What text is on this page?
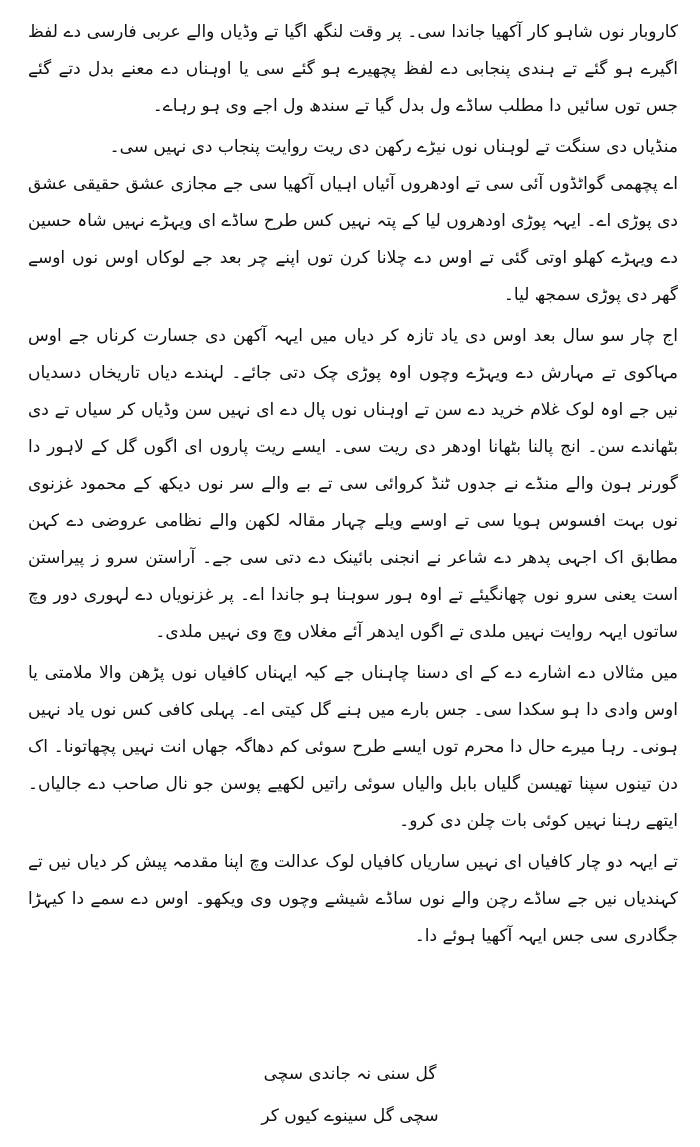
کاروبار نوں شاہو کار آکھیا جاندا سی۔ پر وقت لنگھ اگیا تے وڈیاں والے عربی فارسی دے لفظ اگیرے ہو گئے تے ہندی پنجابی دے لفظ پچھیرے ہو گئے سی یا اوہناں دے معنے بدل دتے گئے جس توں سائیں دا مطلب ساڈے ول بدل گیا تے سندھ ول اجے وی ہو رہاے۔

منڈیاں دی سنگت تے لوہناں نوں نیڑے رکھن دی ریت روایت پنجاب دی نہیں سی۔

اے پچھمی گواٹڈوں آئی سی تے اودھروں آئیاں اہیاں آکھیا سی جے مجازی عشق حقیقی عشق دی پوڑی اے۔ ایہہ پوڑی اودھروں لیا کے پتہ نہیں کس طرح ساڈے ای ویہڑے نہیں شاہ حسین دے ویہڑے کھلو اوتی گئی تے اوس دے چلانا کرن توں اپنے چر بعد جے لوکاں اوس نوں اوسے گھر دی پوڑی سمجھ لیا۔

اج چار سو سال بعد اوس دی یاد تازہ کر دیاں میں ایہہ آکھن دی جسارت کرناں جے اوس مہاکوی تے مہارش دے ویہڑے وچوں اوہ پوڑی چک دتی جائے۔ لہندے دیاں تاریخاں دسدیاں نیں جے اوہ لوک غلام خرید دے سن تے اوہناں نوں پال دے ای نہیں سن وڈیاں کر سیاں تے دی بٹھاندے سن۔ انج پالنا بٹھانا اودھر دی ریت سی۔ ایسے ریت پاروں ای اگوں گل کے لاہور دا گورنر ہون والے منڈے نے جدوں ٹنڈ کروائی سی تے بے والے سر نوں دیکھ کے محمود غزنوی نوں بہت افسوس ہویا سی تے اوسے ویلے چہار مقالہ لکھن والے نظامی عروضی دے کہن مطابق اک اجہی پدھر دے شاعر نے انجنی بائینک دے دتی سی جے۔ آراستن سرو ز پیراستن است یعنی سرو نوں چھانگیئے تے اوہ ہور سوہنا ہو جاندا اے۔ پر غزنویاں دے لہوری دور وچ ساتوں ایہہ روایت نہیں ملدی تے اگوں ایدھر آئے مغلاں وچ وی نہیں ملدی۔

میں مثالاں دے اشارے دے کے ای دسنا چاہناں جے کیہ ایہناں کافیاں نوں پڑھن والا ملامتی یا اوس وادی دا ہو سکدا سی۔ جس بارے میں ہنے گل کیتی اے۔ پہلی کافی کس نوں یاد نہیں ہونی۔ رہا میرے حال دا محرم توں ایسے طرح سوئی کم دھاگہ جھاں انت نہیں پچھاتونا۔ اک دن تینوں سپنا تھیسن گلیاں بابل والیاں سوئی راتیں لکھیے پوسن جو نال صاحب دے جالیاں۔ ایتھے رہنا نہیں کوئی بات چلن دی کرو۔

تے ایہہ دو چار کافیاں ای نہیں ساریاں کافیاں لوک عدالت وچ اپنا مقدمہ پیش کر دیاں نیں تے کہندیاں نیں جے ساڈے رچن والے نوں ساڈے شیشے وچوں وی ویکھو۔ اوس دے سمے دا کیہڑا جگادری سی جس ایہہ آکھیا ہوئے دا۔

گل سنی نہ جاندی سچی
سچی گل سینوے کیوں کر
